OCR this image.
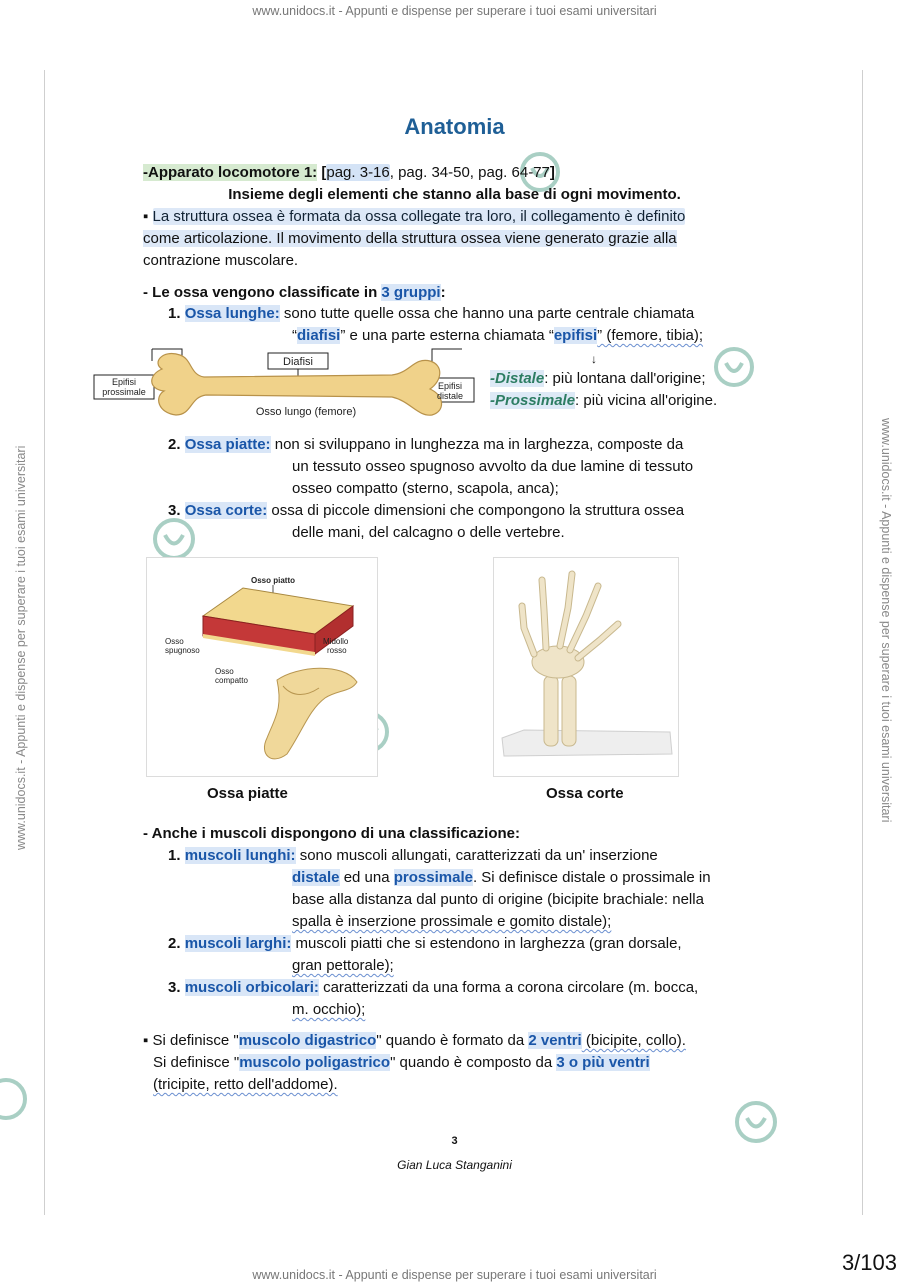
www.unidocs.it - Appunti e dispense per superare i tuoi esami universitari
www.unidocs.it - Appunti e dispense per superare i tuoi esami universitari
www.unidocs.it - Appunti e dispense per superare i tuoi esami universitari	www.unidocs.it - Appunti e dispense per superare i tuoi esami universitari
3/103
Anatomia
-Apparato locomotore 1: [pag. 3-16, pag. 34-50, pag. 64-77]
Insieme degli elementi che stanno alla base di ogni movimento.
▪ La struttura ossea è formata da ossa collegate tra loro, il collegamento è definito
come articolazione. Il movimento della struttura ossea viene generato grazie alla
contrazione muscolare.
- Le ossa vengono classificate in 3 gruppi:
1. Ossa lunghe: sono tutte quelle ossa che hanno una parte centrale chiamata
“diafisi” e una parte esterna chiamata “epifisi” (femore, tibia);
↓
-Distale: più lontana dall'origine;
-Prossimale: più vicina all'origine.
Diafisi
Epifisi
prossimale
Epifisi
distale
Osso lungo (femore)
2. Ossa piatte: non si sviluppano in lunghezza ma in larghezza, composte da
un tessuto osseo spugnoso avvolto da due lamine di tessuto
osseo compatto (sterno, scapola, anca);
3. Ossa corte: ossa di piccole dimensioni che compongono la struttura ossea
delle mani, del calcagno o delle vertebre.
Osso piatto
Osso
spugnoso
Midollo
rosso
Osso
compatto
Ossa piatte	Ossa corte
- Anche i muscoli dispongono di una classificazione:
1. muscoli lunghi: sono muscoli allungati, caratterizzati da un' inserzione
distale ed una prossimale. Si definisce distale o prossimale in
base alla distanza dal punto di origine (bicipite brachiale: nella
spalla è inserzione prossimale e gomito distale);
2. muscoli larghi: muscoli piatti che si estendono in larghezza (gran dorsale,
gran pettorale);
3. muscoli orbicolari: caratterizzati da una forma a corona circolare (m. bocca,
m. occhio);
▪ Si definisce "muscolo digastrico" quando è formato da 2 ventri (bicipite, collo).
Si definisce "muscolo poligastrico" quando è composto da 3 o più ventri
(tricipite, retto dell'addome).
3
Gian Luca Stanganini
